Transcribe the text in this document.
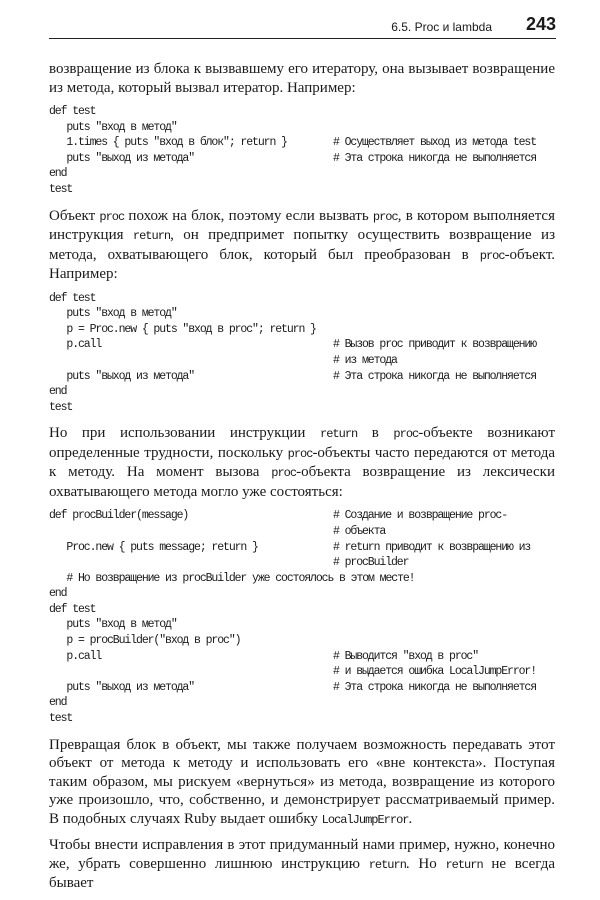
6.5. Proc и lambda 243

возвращение из блока к вызвавшему его итератору, она вызывает возвращение из метода, который вызвал итератор. Например:

def test
puts "вход в метод"
1.times { puts "вход в блок"; return }	# Осуществляет выход из метода test
puts "выход из метода"	# Эта строка никогда не выполняется
end
test

Объект proc похож на блок, поэтому если вызвать proc, в котором выполняется инструкция return, он предпримет попытку осуществить возвращение из метода, охватывающего блок, который был преобразован в proc-объект. Например:

def test
puts "вход в метод"
p = Proc.new { puts "вход в proc"; return }
p.call	# Вызов proc приводит к возвращению
# из метода
puts "выход из метода"	# Эта строка никогда не выполняется
end
test

Но при использовании инструкции return в proc-объекте возникают определенные трудности, поскольку proc-объекты часто передаются от метода к методу. На момент вызова proc-объекта возвращение из лексически охватывающего метода могло уже состояться:

def procBuilder(message)	# Создание и возвращение proc-
# объекта
Proc.new { puts message; return }	# return приводит к возвращению из
# procBuilder
# Но возвращение из procBuilder уже состоялось в этом месте!
end
def test
puts "вход в метод"
p = procBuilder("вход в proc")
p.call	# Выводится "вход в proc"
# и выдается ошибка LocalJumpError!
puts "выход из метода"	# Эта строка никогда не выполняется
end
test

Превращая блок в объект, мы также получаем возможность передавать этот объект от метода к методу и использовать его «вне контекста». Поступая таким образом, мы рискуем «вернуться» из метода, возвращение из которого уже произошло, что, собственно, и демонстрирует рассматриваемый пример. В подобных случаях Ruby выдает ошибку LocalJumpError.

Чтобы внести исправления в этот придуманный нами пример, нужно, конечно же, убрать совершенно лишнюю инструкцию return. Но return не всегда бывает
